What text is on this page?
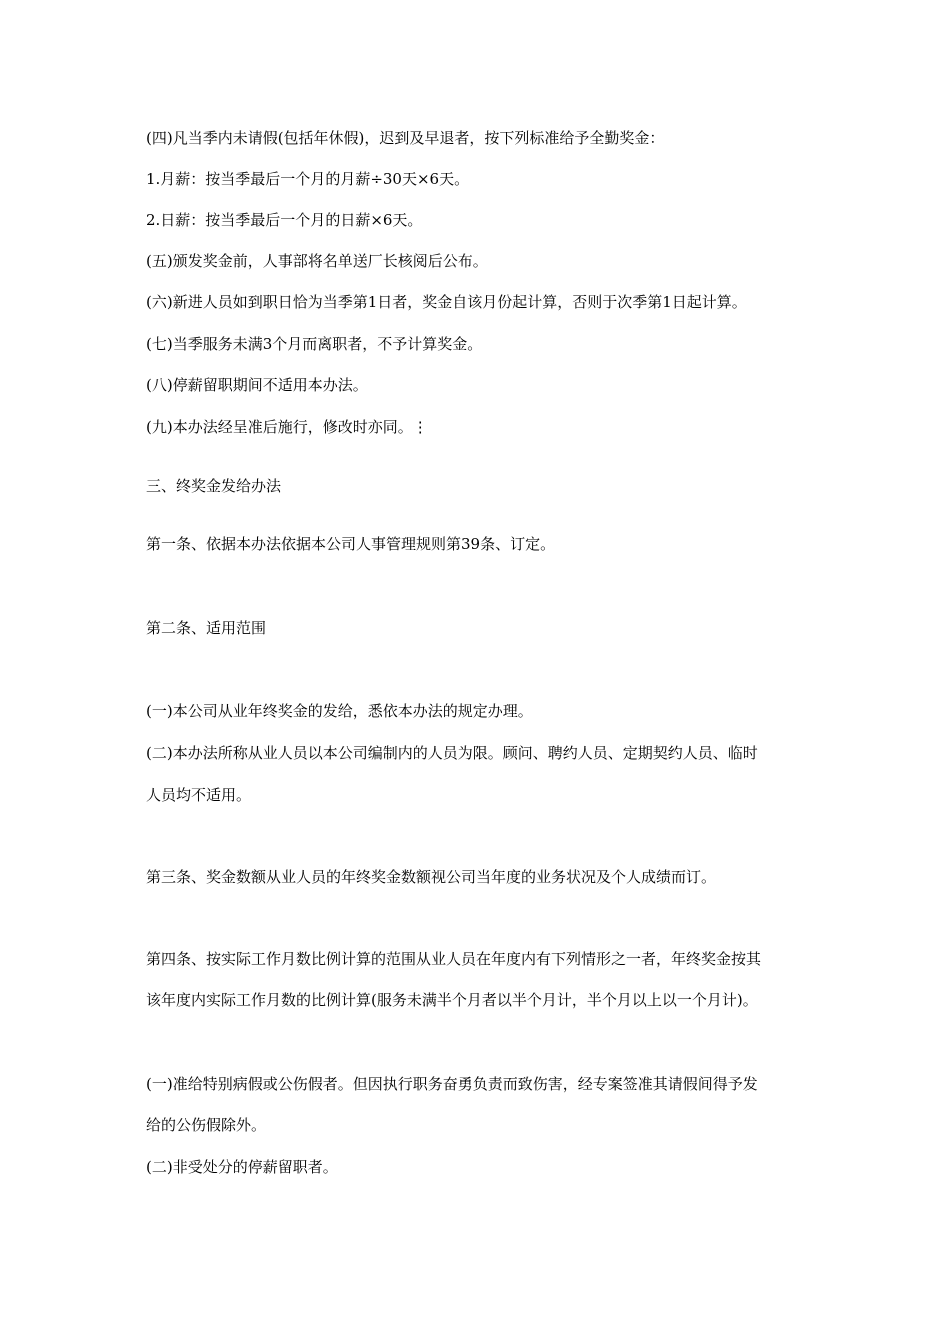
(四)凡当季内未请假(包括年休假)，迟到及早退者，按下列标准给予全勤奖金：

1.月薪：按当季最后一个月的月薪÷30天×6天。

2.日薪：按当季最后一个月的日薪×6天。

(五)颁发奖金前，人事部将名单送厂长核阅后公布。

(六)新进人员如到职日恰为当季第1日者，奖金自该月份起计算，否则于次季第1日起计算。

(七)当季服务未满3个月而离职者，不予计算奖金。

(八)停薪留职期间不适用本办法。

(九)本办法经呈准后施行，修改时亦同。⋮

三、终奖金发给办法

第一条、依据本办法依据本公司人事管理规则第39条、订定。

第二条、适用范围

(一)本公司从业年终奖金的发给，悉依本办法的规定办理。

(二)本办法所称从业人员以本公司编制内的人员为限。顾问、聘约人员、定期契约人员、临时

人员均不适用。

第三条、奖金数额从业人员的年终奖金数额视公司当年度的业务状况及个人成绩而订。

第四条、按实际工作月数比例计算的范围从业人员在年度内有下列情形之一者，年终奖金按其

该年度内实际工作月数的比例计算(服务未满半个月者以半个月计，半个月以上以一个月计)。

(一)准给特别病假或公伤假者。但因执行职务奋勇负责而致伤害，经专案签准其请假间得予发

给的公伤假除外。

(二)非受处分的停薪留职者。
